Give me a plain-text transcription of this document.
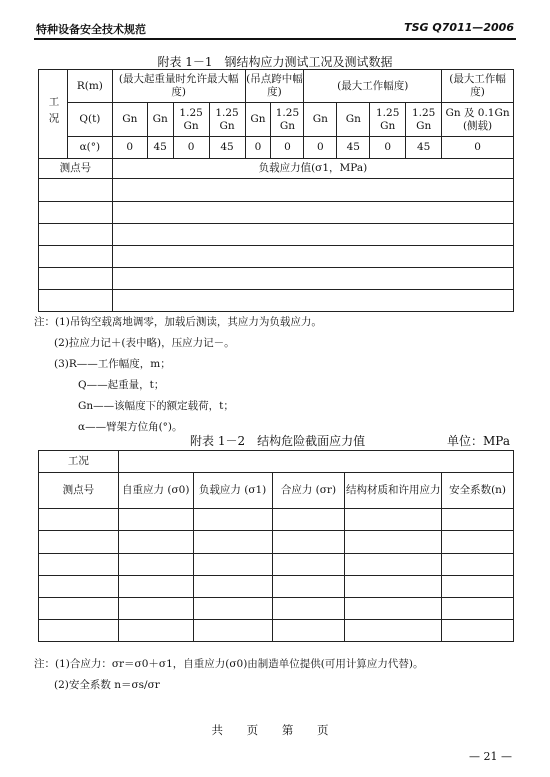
特种设备安全技术规范	TSG Q7011—2006
附表 1－1　钢结构应力测试工况及测试数据
工况	R(m)	(最大起重量时允许最大幅度)				(吊点跨中幅度)		(最大工作幅度)				(最大工作幅度)
	Q(t)	Gn	Gn	1.25 Gn	1.25 Gn	Gn	1.25 Gn	Gn	Gn	1.25 Gn	1.25 Gn	Gn 及 0.1Gn (侧载)
	α(°)	0	45	0	45	0	0	0	45	0	45	0
测点号		负载应力值(σ1，MPa)										

注：(1)吊钩空载离地调零，加载后测读，其应力为负载应力。
(2)拉应力记＋(表中略)，压应力记－。
(3)R——工作幅度，m；
Q——起重量，t；
Gn——该幅度下的额定载荷，t；
α——臂架方位角(°)。
附表 1－2　结构危险截面应力值	单位：MPa
工况					
测点号	自重应力 (σ0)	负载应力 (σ1)	合应力 (σr)	结构材质和许用应力	安全系数(n)

注：(1)合应力：σr＝σ0＋σ1，自重应力(σ0)由制造单位提供(可用计算应力代替)。
(2)安全系数 n＝σs/σr
共 页 第 页
— 21 —
